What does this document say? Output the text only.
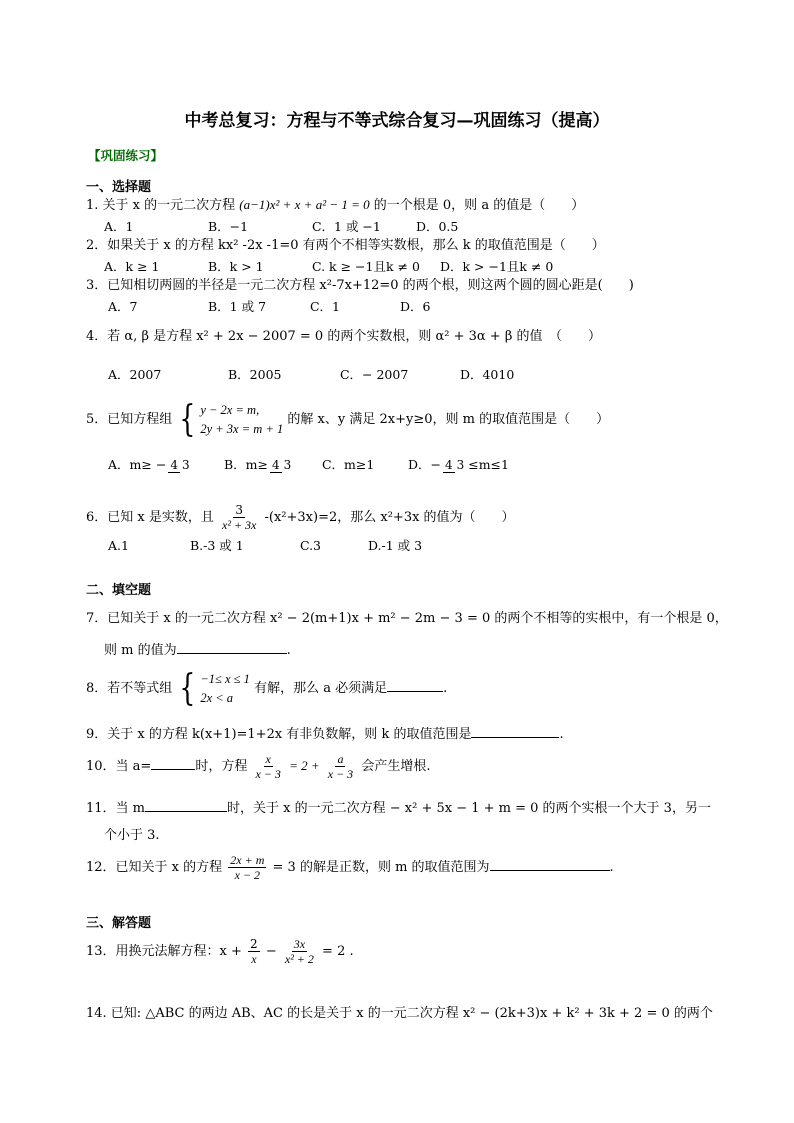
中考总复习：方程与不等式综合复习—巩固练习（提高）
【巩固练习】
一、选择题
1. 关于 x 的一元二次方程 (a−1)x² + x + a² − 1 = 0 的一个根是 0，则 a 的值是（　　）
A．1	B．−1	C．1 或 −1	D．0.5
2．如果关于 x 的方程 kx² -2x -1=0 有两个不相等实数根，那么 k 的取值范围是（　　）
A．k ≥ 1	B．k > 1	C. k ≥ −1且k ≠ 0 D．k > −1且k ≠ 0
3．已知相切两圆的半径是一元二次方程 x²-7x+12=0 的两个根，则这两个圆的圆心距是(　　)
A．7	B．1 或 7	C．1	D．6
4．若 α, β 是方程 x² + 2x − 2007 = 0 的两个实数根，则 α² + 3α + β 的值　（　　）
A．2007	B．2005	C．− 2007	D．4010
5．已知方程组 { y − 2x = m,
2y + 3x = m + 1
的解 x、y 满足 2x+y≥0，则 m 的取值范围是（　　）
A．m≥ − 4 3	B．m≥ 4 3 C．m≥1	D．− 4 3 ≤m≤1
6．已知 x 是实数，且 $\frac{3}{\text{x² + 3x}} -(x^2+3x)=2$，那么 x²+3x 的值为（　　）
A.1	B.-3 或 1	C.3	D.-1 或 3
二、填空题
7．已知关于 x 的一元二次方程 x² − 2(m+1)x + m² − 2m − 3 = 0 的两个不相等的实根中，有一个根是 0，
则 m 的值为	.
8．若不等式组 { −1≤ x ≤ 1
2x < a
有解，那么 a 必须满足	.
9．关于 x 的方程 k(x+1)=1+2x 有非负数解，则 k 的取值范围是	.
10．当 a=	时，方程 $\frac{x}{x - 3} = 2 + \frac{a}{x - 3}$ 会产生增根.
11．当 m	时，关于 x 的一元二次方程 − x² + 5x − 1 + m = 0 的两个实根一个大于 3，另一
个小于 3.
12．已知关于 x 的方程 $\frac{2x + m}{x - 2} = 3$ 的解是正数，则 m 的取值范围为	.
三、解答题
13．用换元法解方程：$x + \frac{2}{x} - \frac{3x}{\text{x² + 2}} = 2$ .
14. 已知: △ABC 的两边 AB、AC 的长是关于 x 的一元二次方程 x² − (2k+3)x + k² + 3k + 2 = 0 的两个
